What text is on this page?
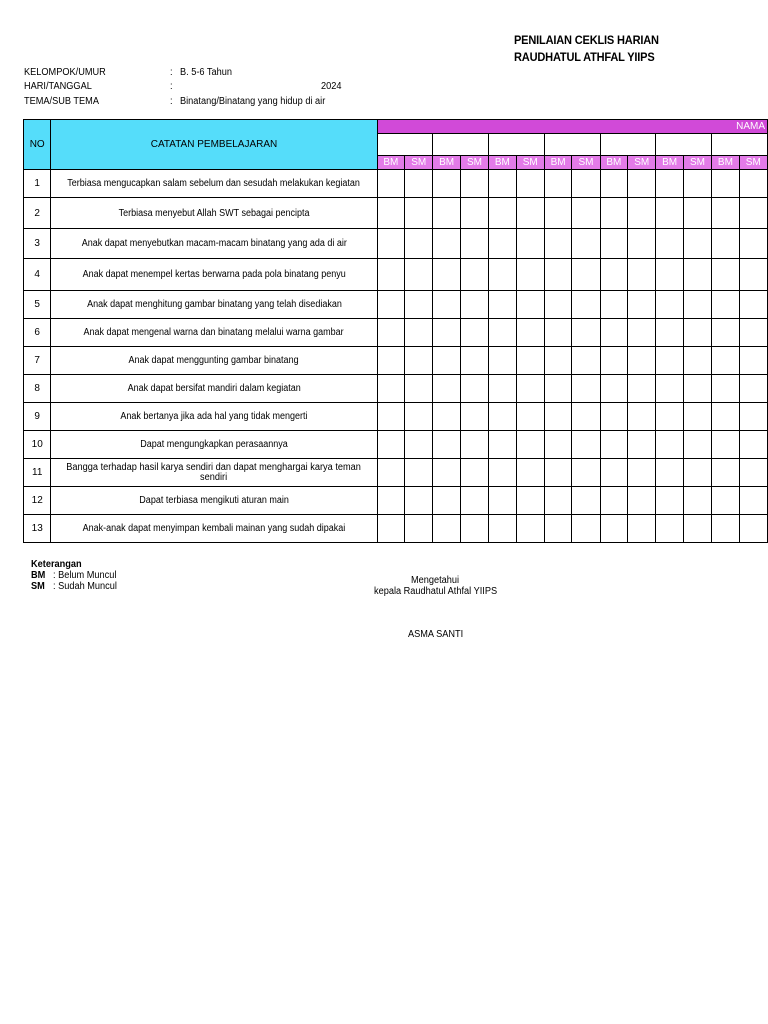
PENILAIAN CEKLIS HARIAN
RAUDHATUL ATHFAL YIIPS
KELOMPOK/UMUR	: B. 5-6 Tahun
HARI/TANGGAL	:	2024
TEMA/SUB TEMA	: Binatang/Binatang yang hidup di air
NO	CATATAN PEMBELAJARAN	NAMA													

		BM	SM	BM	SM	BM	SM	BM	SM	BM	SM	BM	SM	BM	SM
1	Terbiasa mengucapkan salam sebelum dan sesudah melakukan kegiatan														
2	Terbiasa menyebut Allah SWT sebagai pencipta														
3	Anak dapat menyebutkan macam-macam binatang yang ada di air														
4	Anak dapat menempel kertas berwarna pada pola binatang penyu														
5	Anak dapat menghitung gambar binatang yang telah disediakan														
6	Anak dapat mengenal warna dan binatang melalui warna gambar														
7	Anak dapat menggunting gambar binatang														
8	Anak dapat bersifat mandiri dalam kegiatan														
9	Anak bertanya jika ada hal yang tidak mengerti														
10	Dapat mengungkapkan perasaannya														
11	Bangga terhadap hasil karya sendiri dan dapat menghargai karya teman sendiri														
12	Dapat terbiasa mengikuti aturan main														
13	Anak-anak dapat menyimpan kembali mainan yang sudah dipakai														
Keterangan
BM : Belum Muncul
SM : Sudah Muncul
Mengetahui
kepala Raudhatul Athfal YIIPS
ASMA SANTI
